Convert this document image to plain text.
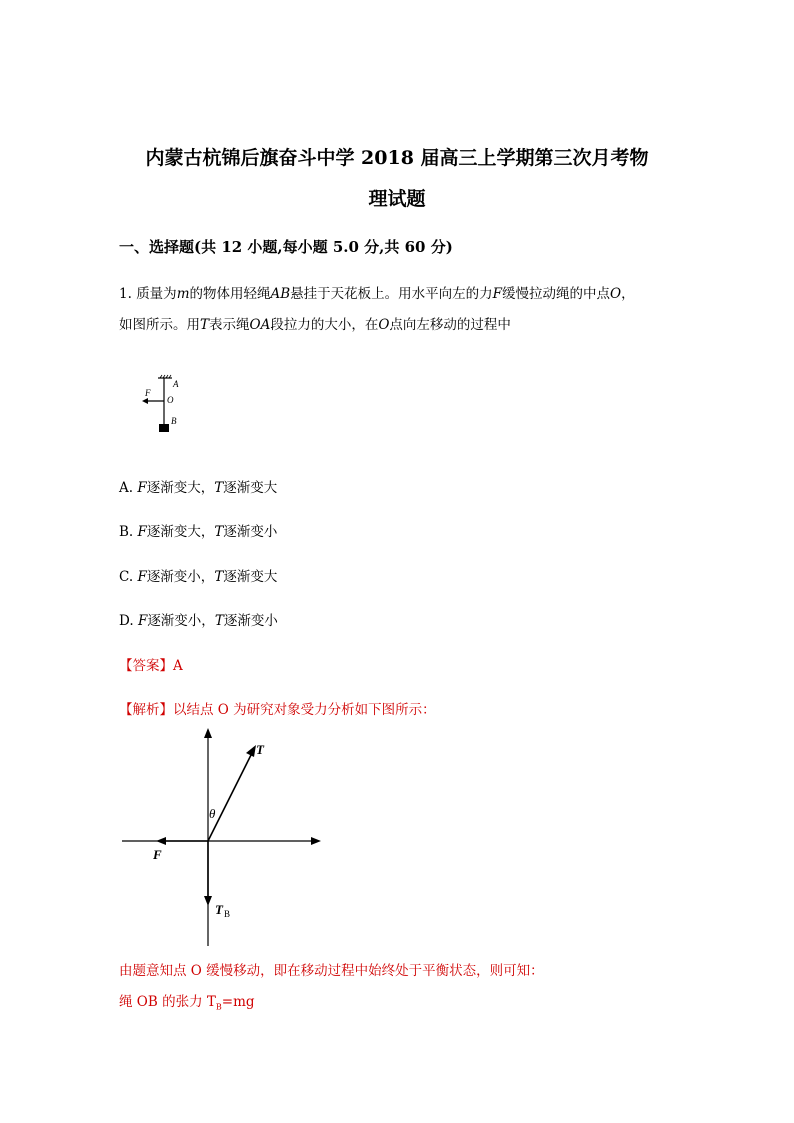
内蒙古杭锦后旗奋斗中学 2018 届高三上学期第三次月考物
理试题
一、选择题(共 12 小题,每小题 5.0 分,共 60 分)
1. 质量为m的物体用轻绳AB悬挂于天花板上。用水平向左的力F缓慢拉动绳的中点O，
如图所示。用T表示绳OA段拉力的大小，在O点向左移动的过程中
A
F
O
B
A. F逐渐变大，T逐渐变大
B. F逐渐变大，T逐渐变小
C. F逐渐变小，T逐渐变大
D. F逐渐变小，T逐渐变小
【答案】A
【解析】以结点 O 为研究对象受力分析如下图所示：
T
θ
F
T B
由题意知点 O 缓慢移动，即在移动过程中始终处于平衡状态，则可知：
绳 OB 的张力 $T_B=mg$
